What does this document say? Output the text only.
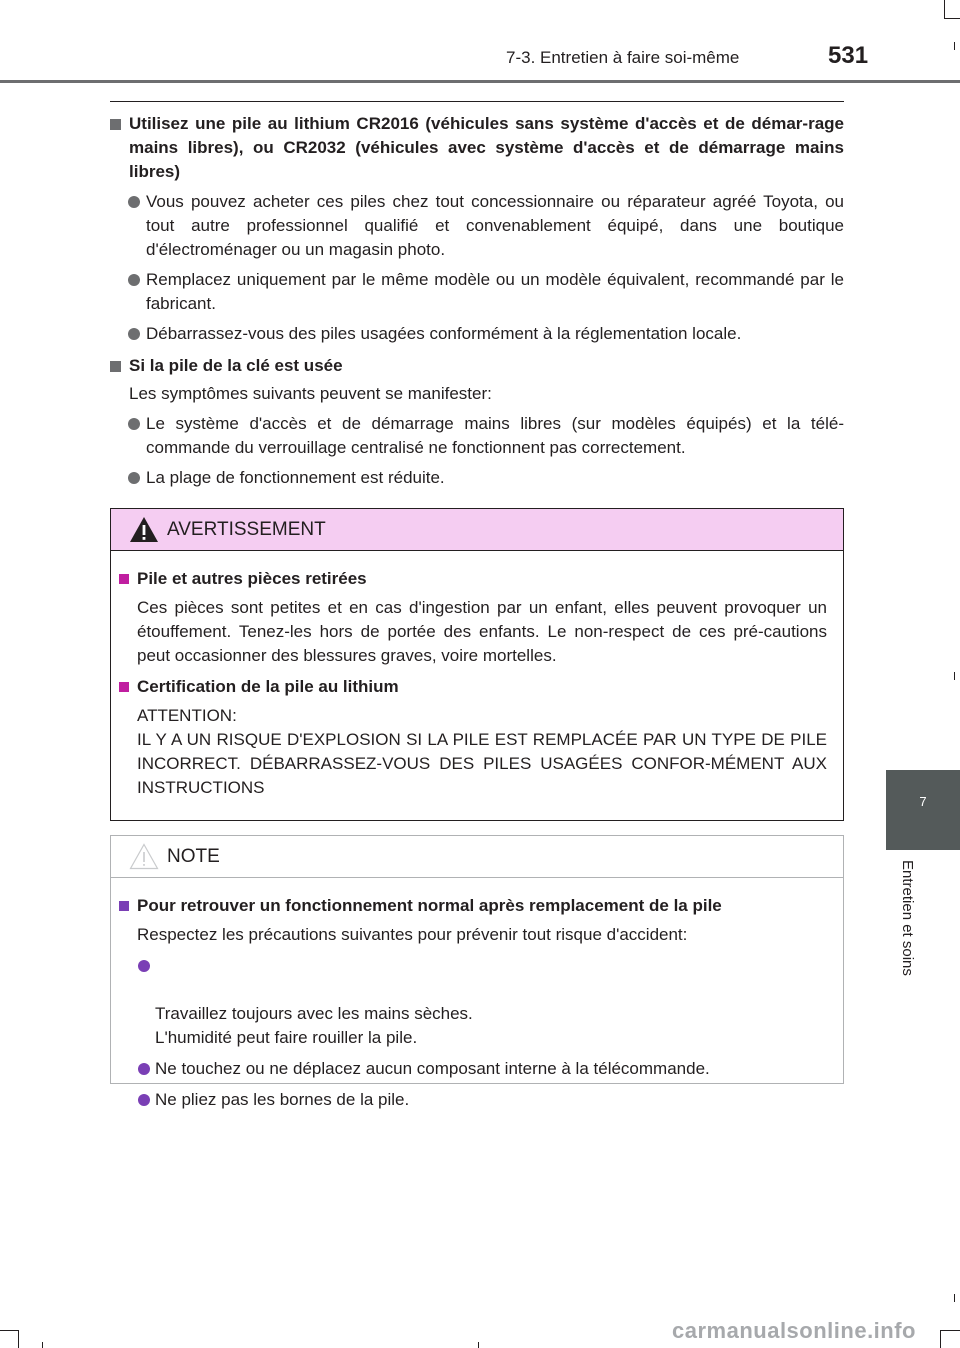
7-3. Entretien à faire soi-même	531
7
Entretien et soins

Utilisez une pile au lithium CR2016 (véhicules sans système d'accès et de démar-rage mains libres), ou CR2032 (véhicules avec système d'accès et de démarrage mains libres)

Vous pouvez acheter ces piles chez tout concessionnaire ou réparateur agréé Toyota, ou tout autre professionnel qualifié et convenablement équipé, dans une boutique d'électroménager ou un magasin photo.

Remplacez uniquement par le même modèle ou un modèle équivalent, recommandé par le fabricant.

Débarrassez-vous des piles usagées conformément à la réglementation locale.

Si la pile de la clé est usée

Les symptômes suivants peuvent se manifester:

Le système d'accès et de démarrage mains libres (sur modèles équipés) et la télé-commande du verrouillage centralisé ne fonctionnent pas correctement.

La plage de fonctionnement est réduite.

AVERTISSEMENT

Pile et autres pièces retirées

Ces pièces sont petites et en cas d'ingestion par un enfant, elles peuvent provoquer un étouffement. Tenez-les hors de portée des enfants. Le non-respect de ces pré-cautions peut occasionner des blessures graves, voire mortelles.

Certification de la pile au lithium

ATTENTION:
IL Y A UN RISQUE D'EXPLOSION SI LA PILE EST REMPLACÉE PAR UN TYPE DE PILE INCORRECT. DÉBARRASSEZ-VOUS DES PILES USAGÉES CONFOR-MÉMENT AUX INSTRUCTIONS

NOTE

Pour retrouver un fonctionnement normal après remplacement de la pile

Respectez les précautions suivantes pour prévenir tout risque d'accident:

Travaillez toujours avec les mains sèches.
L'humidité peut faire rouiller la pile.

Ne touchez ou ne déplacez aucun composant interne à la télécommande.

Ne pliez pas les bornes de la pile.

carmanualsonline.info
